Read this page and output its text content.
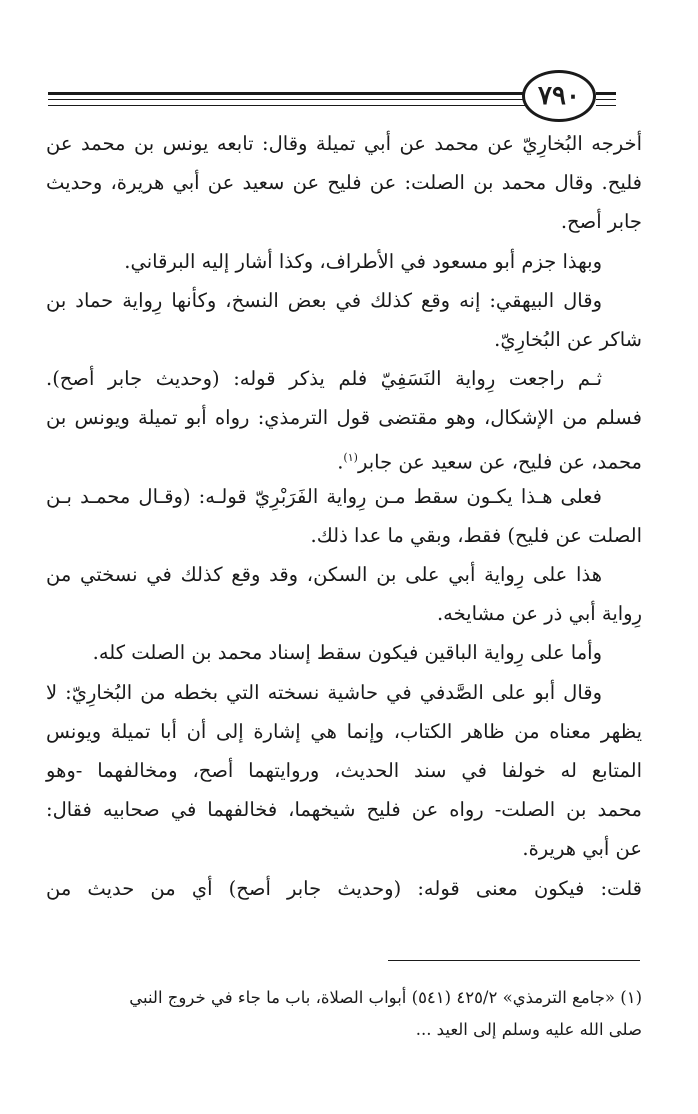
٧٩٠
أخرجه البُخارِيّ عن محمد عن أبي تميلة وقال: تابعه يونس بن محمد عن
فليح. وقال محمد بن الصلت: عن فليح عن سعيد عن أبي هريرة، وحديث
جابر أصح.
وبهذا جزم أبو مسعود في الأطراف، وكذا أشار إليه البرقاني.
وقال البيهقي: إنه وقع كذلك في بعض النسخ، وكأنها رِواية حماد بن
شاكر عن البُخارِيّ.
ثـم راجعت رِواية النَسَفِيّ فلم يذكر قوله: (وحديث جابر أصح).
فسلم من الإشكال، وهو مقتضى قول الترمذي: رواه أبو تميلة ويونس بن
محمد، عن فليح، عن سعيد عن جابر$^{(١)}$.
فعلى هـذا يكـون سقط مـن رِواية الفَرَبْرِيّ قولـه: (وقـال محمـد بـن
الصلت عن فليح) فقط، وبقي ما عدا ذلك.
هذا على رِواية أبي على بن السكن، وقد وقع كذلك في نسختي من
رِواية أبي ذر عن مشايخه.
وأما على رِواية الباقين فيكون سقط إسناد محمد بن الصلت كله.
وقال أبو على الصَّدفي في حاشية نسخته التي بخطه من البُخارِيّ: لا
يظهر معناه من ظاهر الكتاب، وإنما هي إشارة إلى أن أبا تميلة ويونس
المتابع له خولفا في سند الحديث، وروايتهما أصح، ومخالفهما -وهو
محمد بن الصلت- رواه عن فليح شيخهما، فخالفهما في صحابيه فقال:
عن أبي هريرة.
قلت: فيكون معنى قوله: (وحديث جابر أصح) أي من حديث من
(١) «جامع الترمذي» ٤٢٥/٢ (٥٤١) أبواب الصلاة، باب ما جاء في خروج النبي
صلى الله عليه وسلم إلى العيد ...
